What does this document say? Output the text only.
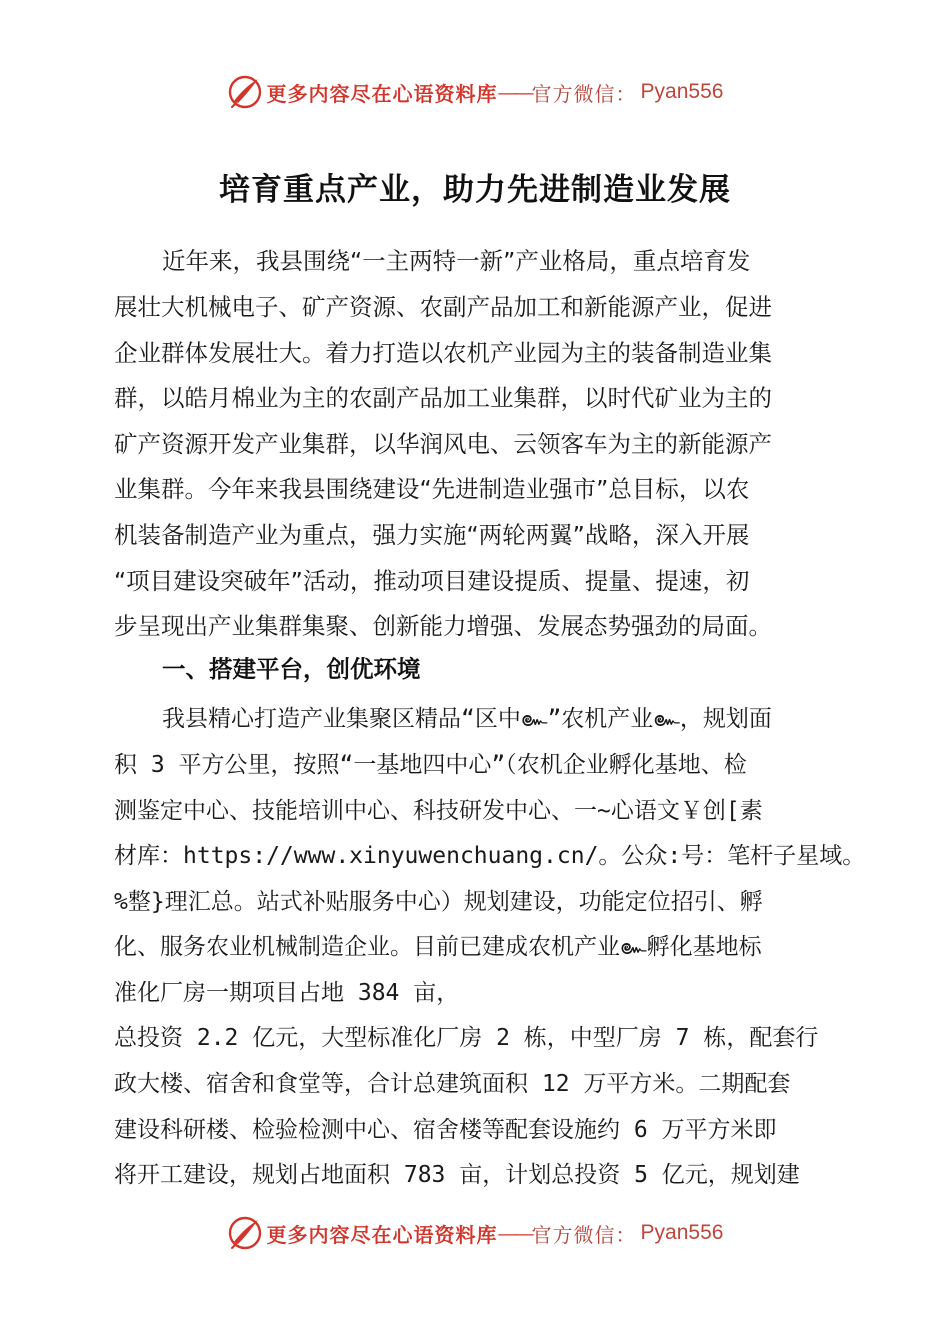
更多内容尽在心语资料库 —— 官方微信： Pyan556
培育重点产业，助力先进制造业发展
近年来，我县围绕“一主两特一新”产业格局，重点培育发
展壮大机械电子、矿产资源、农副产品加工和新能源产业，促进
企业群体发展壮大。着力打造以农机产业园为主的装备制造业集
群，以皓月棉业为主的农副产品加工业集群，以时代矿业为主的
矿产资源开发产业集群，以华润风电、云领客车为主的新能源产
业集群。今年来我县围绕建设“先进制造业强市”总目标，以农
机装备制造产业为重点，强力实施“两轮两翼”战略，深入开展
“项目建设突破年”活动，推动项目建设提质、提量、提速，初
步呈现出产业集群集聚、创新能力增强、发展态势强劲的局面。
一、搭建平台，创优环境
我县精心打造产业集聚区精品“区中๛”农机产业๛，规划面
积 3 平方公里，按照“一基地四中心”（农机企业孵化基地、检
测鉴定中心、技能培训中心、科技研发中心、一~心语文￥创[素
材库：https://www.xinyuwenchuang.cn/。公众:号：笔杆子星域。
%整}理汇总。站式补贴服务中心）规划建设，功能定位招引、孵
化、服务农业机械制造企业。目前已建成农机产业๛孵化基地标
准化厂房一期项目占地 384 亩，
总投资 2.2 亿元，大型标准化厂房 2 栋，中型厂房 7 栋，配套行
政大楼、宿舍和食堂等，合计总建筑面积 12 万平方米。二期配套
建设科研楼、检验检测中心、宿舍楼等配套设施约 6 万平方米即
将开工建设，规划占地面积 783 亩，计划总投资 5 亿元，规划建
更多内容尽在心语资料库 —— 官方微信： Pyan556
